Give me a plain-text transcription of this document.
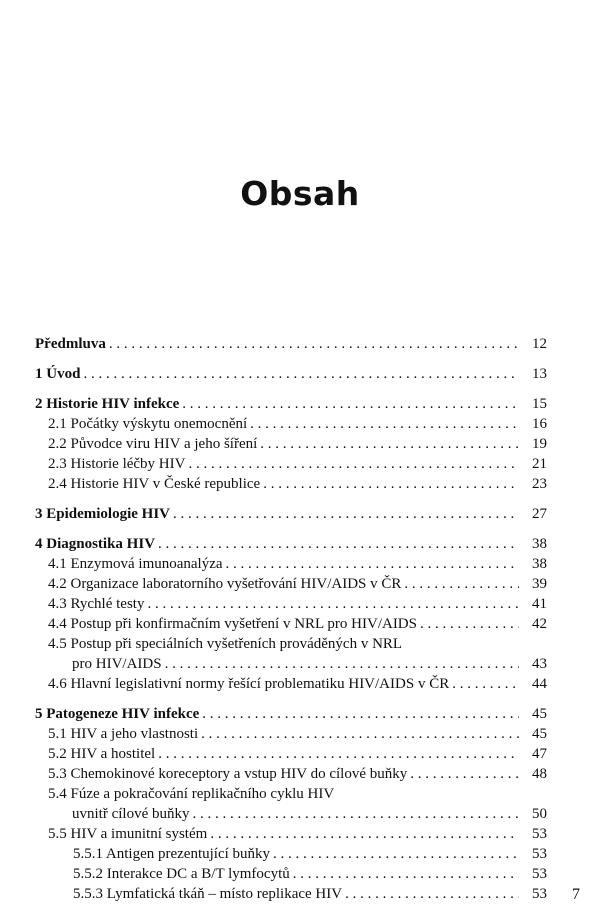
Obsah
Předmluva . . .	12
1 Úvod . . .	13
2 Historie HIV infekce . . .	15
2.1 Počátky výskytu onemocnění . . .	16
2.2 Původce viru HIV a jeho šíření . . .	19
2.3 Historie léčby HIV . . .	21
2.4 Historie HIV v České republice . . .	23
3 Epidemiologie HIV . . .	27
4 Diagnostika HIV . . .	38
4.1 Enzymová imunoanalýza . . .	38
4.2 Organizace laboratorního vyšetřování HIV/AIDS v ČR . . .	39
4.3 Rychlé testy . . .	41
4.4 Postup při konfirmačním vyšetření v NRL pro HIV/AIDS . . .	42
4.5 Postup při speciálních vyšetřeních prováděných v NRL
pro HIV/AIDS . . .	43
4.6 Hlavní legislativní normy řešící problematiku HIV/AIDS v ČR . . .	44
5 Patogeneze HIV infekce . . .	45
5.1 HIV a jeho vlastnosti . . .	45
5.2 HIV a hostitel . . .	47
5.3 Chemokinové koreceptory a vstup HIV do cílové buňky . . .	48
5.4 Fúze a pokračování replikačního cyklu HIV
uvnitř cílové buňky . . .	50
5.5 HIV a imunitní systém . . .	53
5.5.1 Antigen prezentující buňky . . .	53
5.5.2 Interakce DC a B/T lymfocytů . . .	53
5.5.3 Lymfatická tkáň – místo replikace HIV . . .	53 7
